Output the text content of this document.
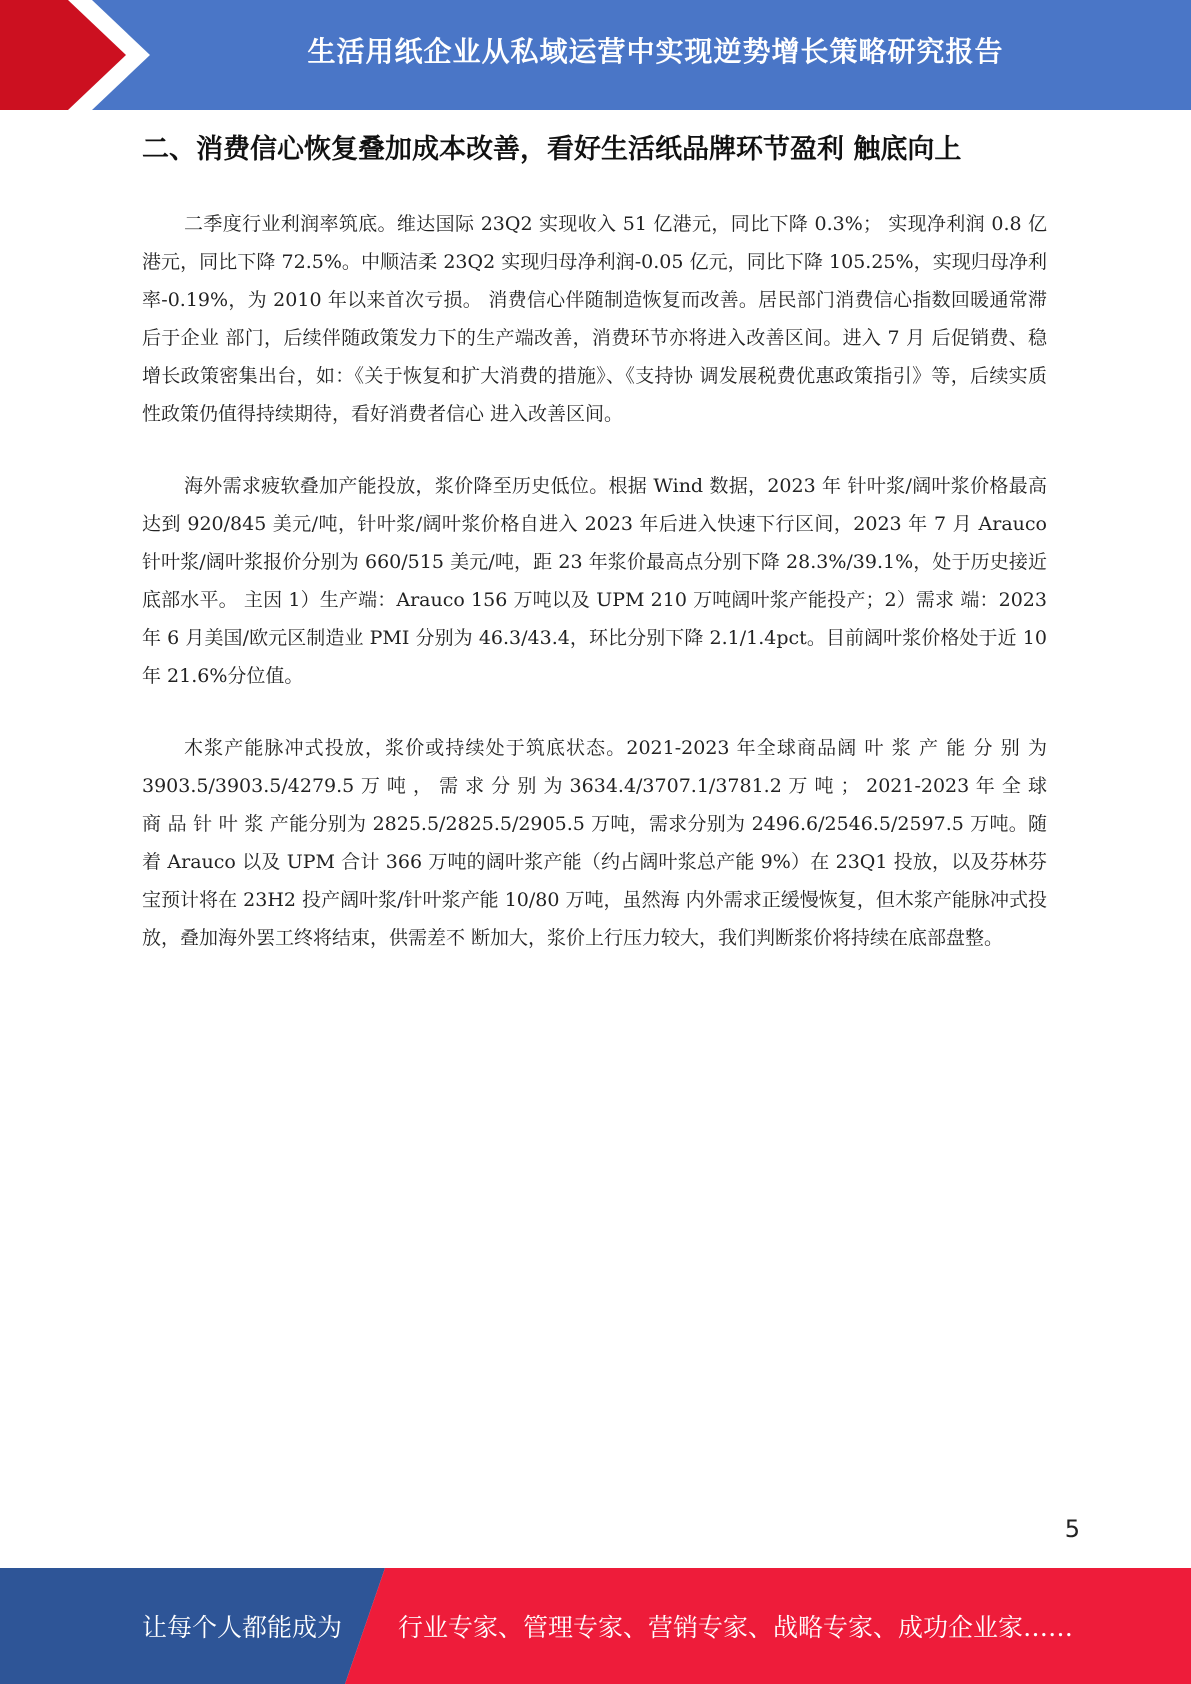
生活用纸企业从私域运营中实现逆势增长策略研究报告
二、消费信心恢复叠加成本改善，看好生活纸品牌环节盈利 触底向上

二季度行业利润率筑底。维达国际 23Q2 实现收入 51 亿港元，同比下降 0.3%； 实现净利润 0.8 亿港元，同比下降 72.5%。中顺洁柔 23Q2 实现归母净利润-0.05 亿元，同比下降 105.25%，实现归母净利率-0.19%，为 2010 年以来首次亏损。 消费信心伴随制造恢复而改善。居民部门消费信心指数回暖通常滞后于企业 部门，后续伴随政策发力下的生产端改善，消费环节亦将进入改善区间。进入 7 月 后促销费、稳增长政策密集出台，如：《关于恢复和扩大消费的措施》、《支持协 调发展税费优惠政策指引》等，后续实质性政策仍值得持续期待，看好消费者信心 进入改善区间。

海外需求疲软叠加产能投放，浆价降至历史低位。根据 Wind 数据，2023 年 针叶浆/阔叶浆价格最高达到 920/845 美元/吨，针叶浆/阔叶浆价格自进入 2023 年后进入快速下行区间，2023 年 7 月 Arauco 针叶浆/阔叶浆报价分别为 660/515 美元/吨，距 23 年浆价最高点分别下降 28.3%/39.1%，处于历史接近底部水平。 主因 1）生产端：Arauco 156 万吨以及 UPM 210 万吨阔叶浆产能投产；2）需求 端：2023 年 6 月美国/欧元区制造业 PMI 分别为 46.3/43.4，环比分别下降 2.1/1.4pct。目前阔叶浆价格处于近 10 年 21.6%分位值。

木浆产能脉冲式投放，浆价或持续处于筑底状态。2021-2023 年全球商品阔 叶 浆 产 能 分 别 为 3903.5/3903.5/4279.5 万 吨 ， 需 求 分 别 为 3634.4/3707.1/3781.2 万 吨 ； 2021-2023 年 全 球 商 品 针 叶 浆 产能分别为 2825.5/2825.5/2905.5 万吨，需求分别为 2496.6/2546.5/2597.5 万吨。随着 Arauco 以及 UPM 合计 366 万吨的阔叶浆产能（约占阔叶浆总产能 9%）在 23Q1 投放，以及芬林芬宝预计将在 23H2 投产阔叶浆/针叶浆产能 10/80 万吨，虽然海 内外需求正缓慢恢复，但木浆产能脉冲式投放，叠加海外罢工终将结束，供需差不 断加大，浆价上行压力较大，我们判断浆价将持续在底部盘整。

5
让每个人都能成为 行业专家、管理专家、营销专家、战略专家、成功企业家……
